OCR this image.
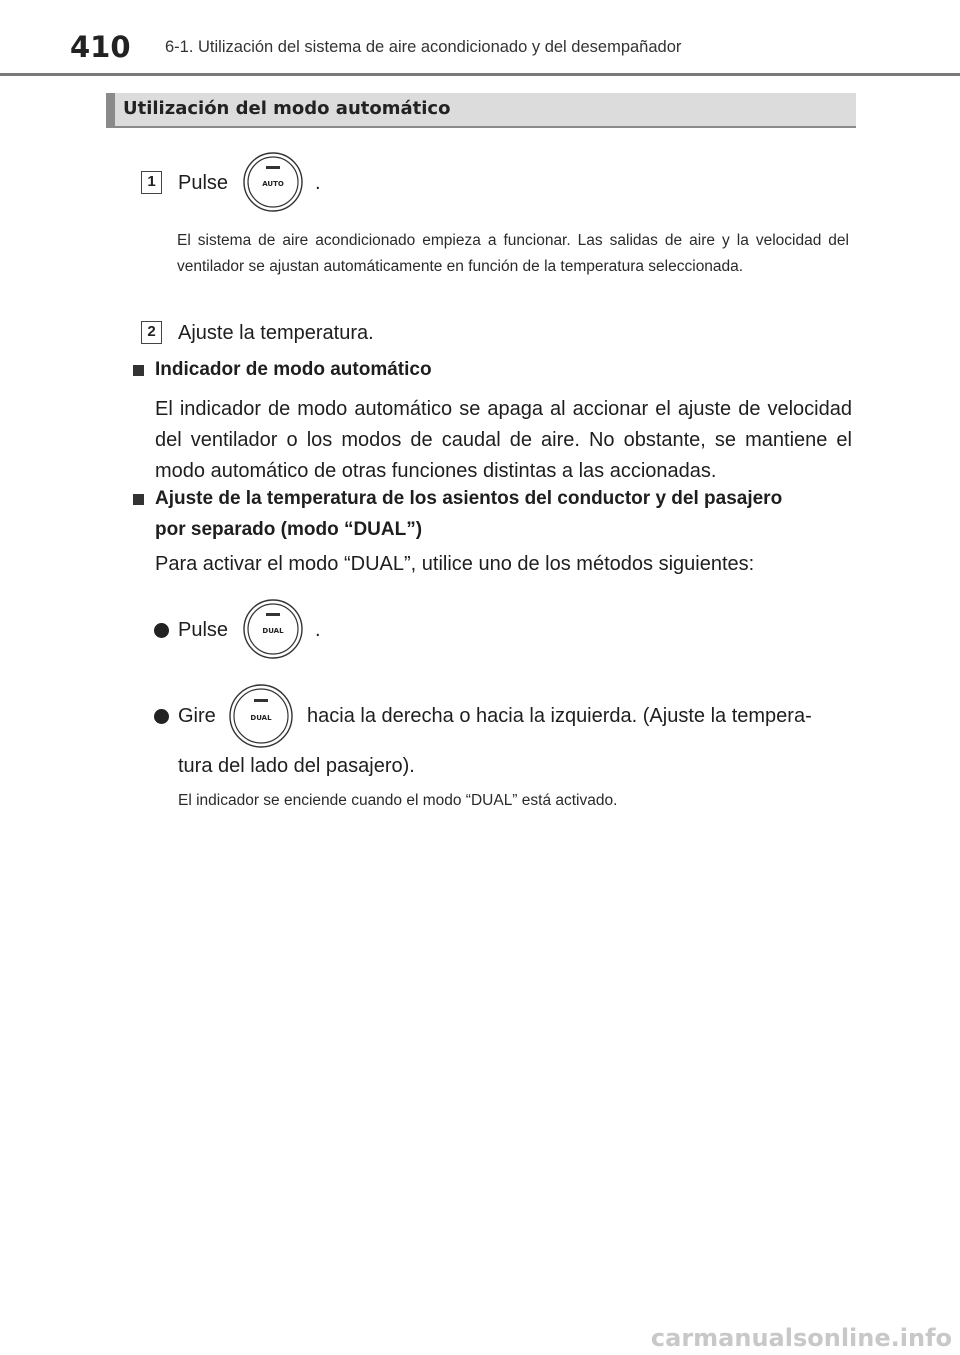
410 6-1. Utilización del sistema de aire acondicionado y del desempañador
Utilización del modo automático
1	Pulse	AUTO .
El sistema de aire acondicionado empieza a funcionar. Las salidas de aire y la velocidad del ventilador se ajustan automáticamente en función de la temperatura seleccionada.
2	Ajuste la temperatura.
Indicador de modo automático
El indicador de modo automático se apaga al accionar el ajuste de velocidad del ventilador o los modos de caudal de aire. No obstante, se mantiene el modo automático de otras funciones distintas a las accionadas.
Ajuste de la temperatura de los asientos del conductor y del pasajero
por separado (modo “DUAL”)
Para activar el modo “DUAL”, utilice uno de los métodos siguientes:
Pulse	DUAL .
Gire	DUAL hacia la derecha o hacia la izquierda. (Ajuste la tempera-
tura del lado del pasajero).
El indicador se enciende cuando el modo “DUAL” está activado.
carmanualsonline.info
